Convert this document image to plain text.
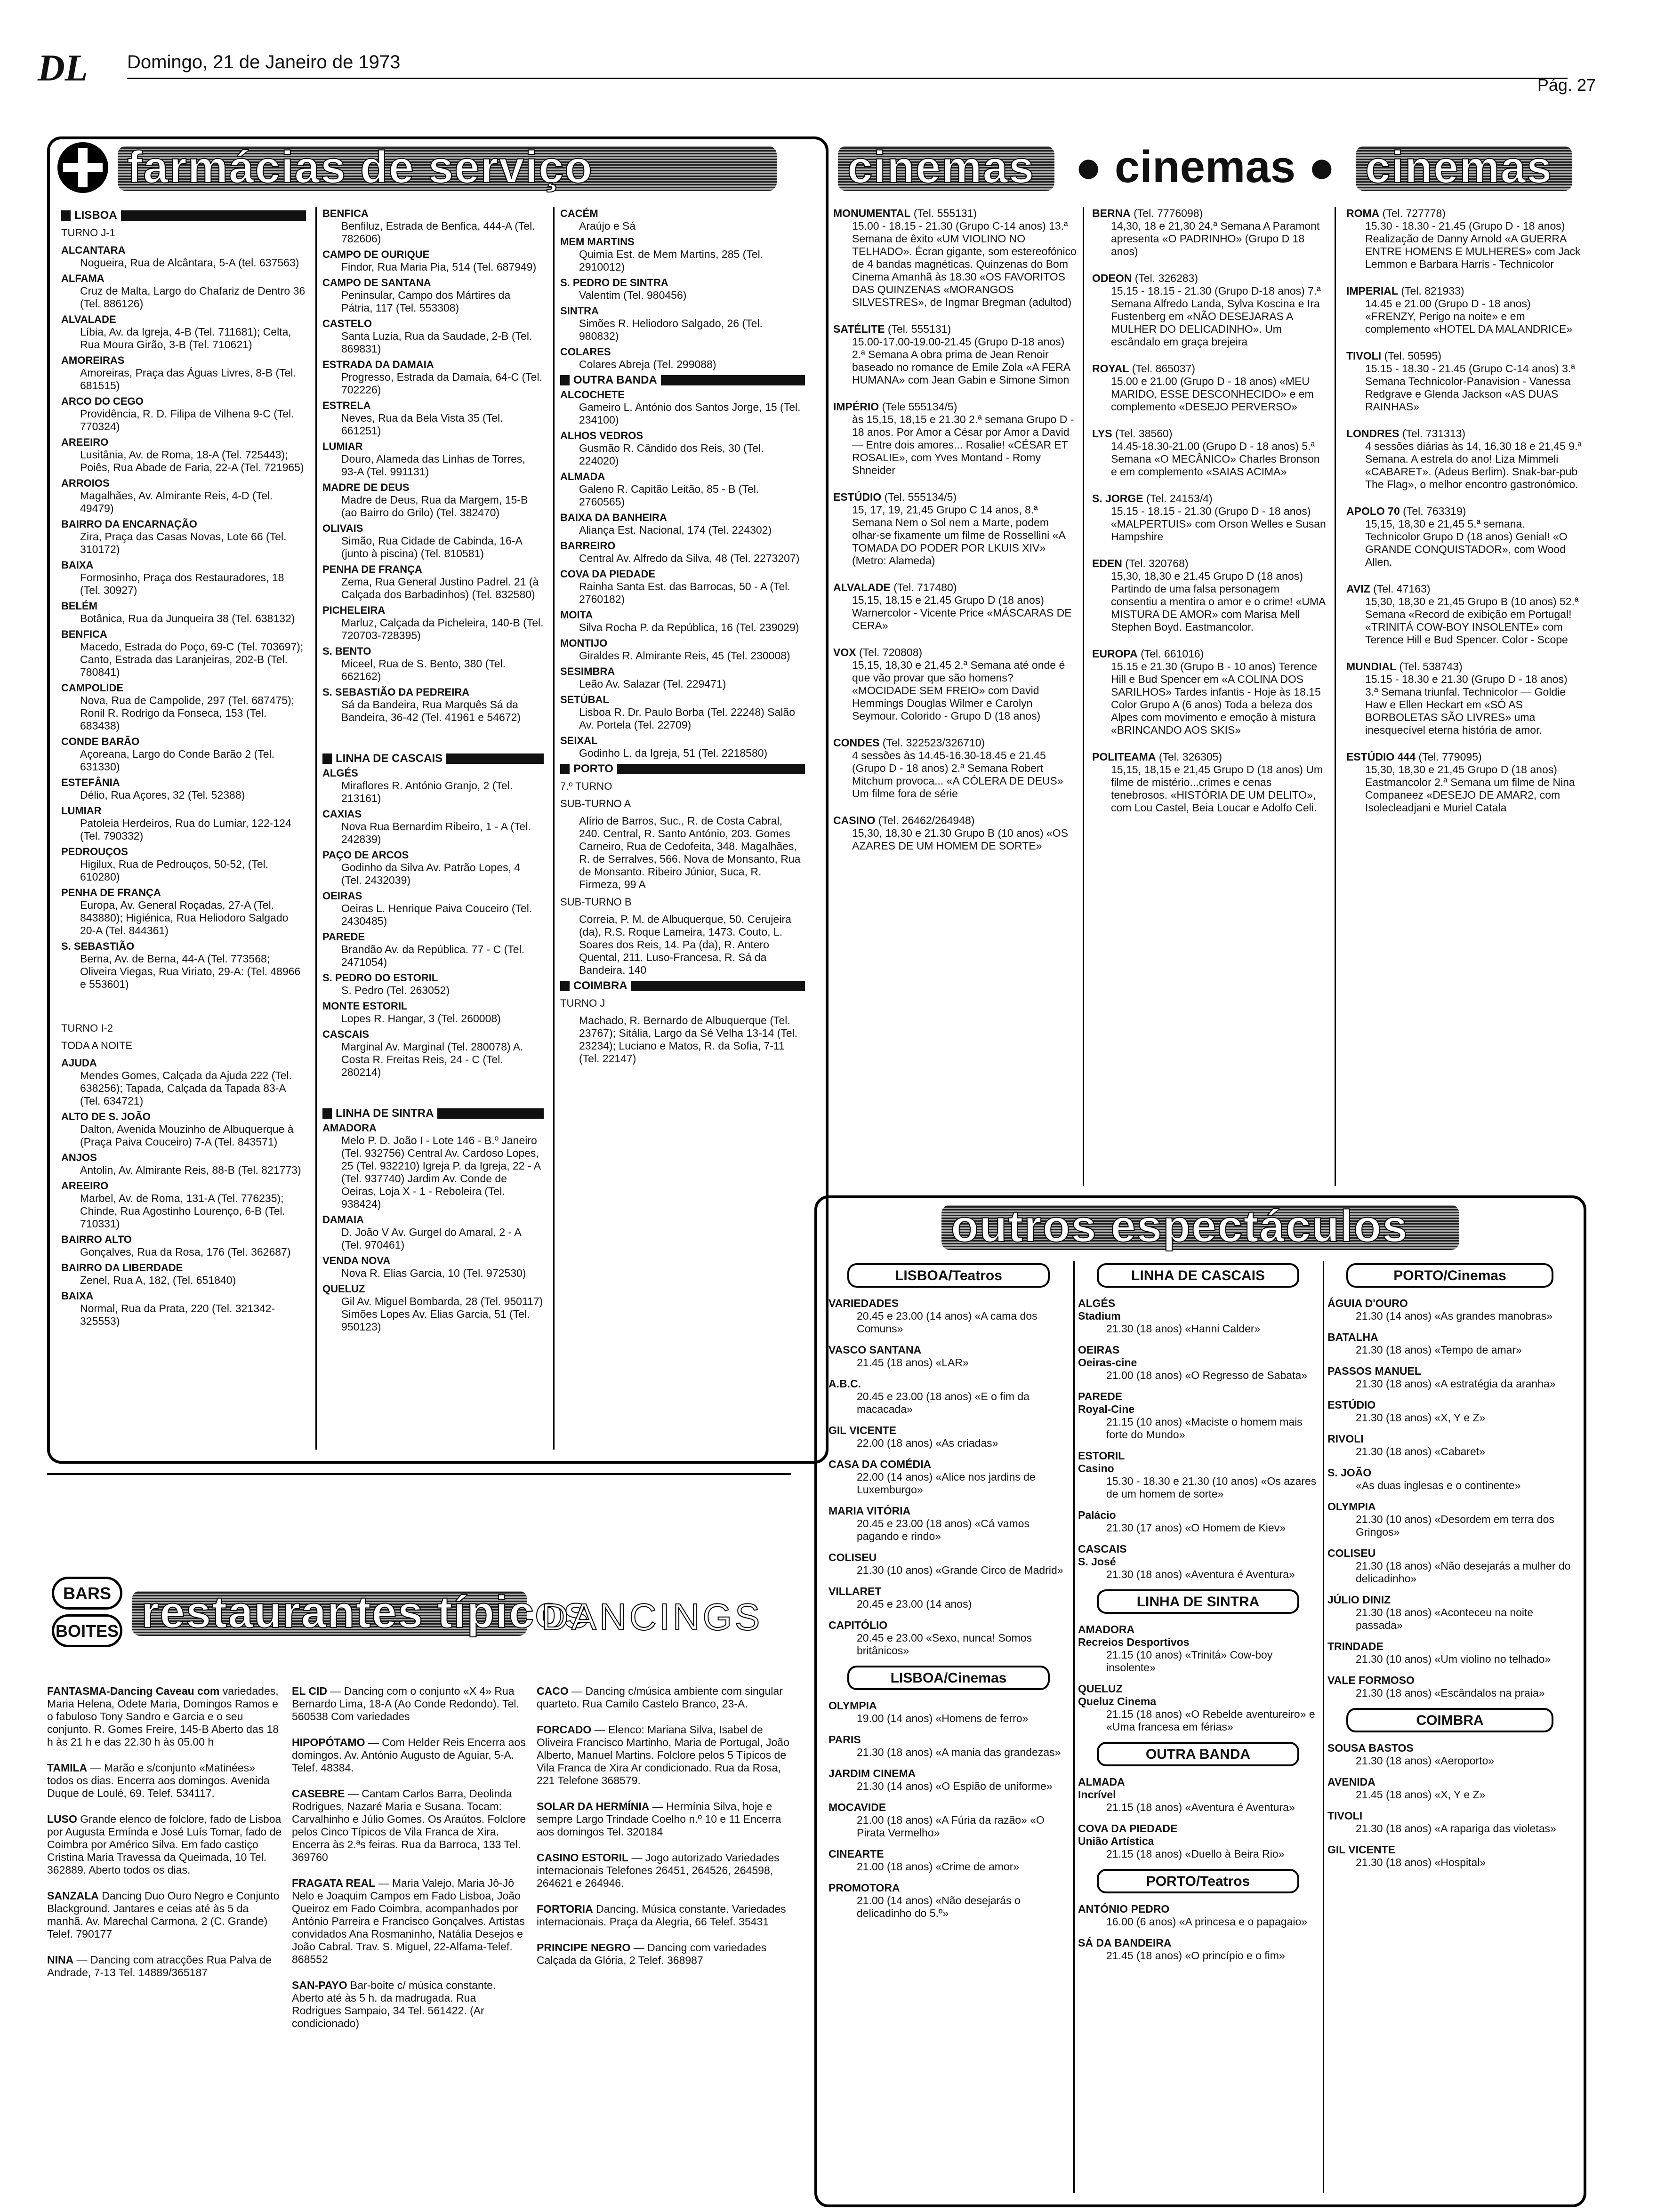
DL Domingo, 21 de Janeiro de 1973
Pág. 27
farmácias de serviço
LISBOA
TURNO J-1
ALCANTARA
Nogueira, Rua de Alcântara, 5-A (tel. 637563)
ALFAMA
Cruz de Malta, Largo do Chafariz de Dentro 36 (Tel. 886126)
ALVALADE
Líbia, Av. da Igreja, 4-B (Tel. 711681); Celta, Rua Moura Girão, 3-B (Tel. 710621)
AMOREIRAS
Amoreiras, Praça das Águas Livres, 8-B (Tel. 681515)
ARCO DO CEGO
Providência, R. D. Filipa de Vilhena 9-C (Tel. 770324)
AREEIRO
Lusitânia, Av. de Roma, 18-A (Tel. 725443); Poiês, Rua Abade de Faria, 22-A (Tel. 721965)
ARROIOS
Magalhães, Av. Almirante Reis, 4-D (Tel. 49479)
BAIRRO DA ENCARNAÇÃO
Zira, Praça das Casas Novas, Lote 66 (Tel. 310172)
BAIXA
Formosinho, Praça dos Restauradores, 18 (Tel. 30927)
BELÉM
Botânica, Rua da Junqueira 38 (Tel. 638132)
BENFICA
Macedo, Estrada do Poço, 69-C (Tel. 703697); Canto, Estrada das Laranjeiras, 202-B (Tel. 780841)
CAMPOLIDE
Nova, Rua de Campolide, 297 (Tel. 687475); Ronil R. Rodrigo da Fonseca, 153 (Tel. 683438)
CONDE BARÃO
Açoreana, Largo do Conde Barão 2 (Tel. 631330)
ESTEFÂNIA
Délio, Rua Açores, 32 (Tel. 52388)
LUMIAR
Patoleia Herdeiros, Rua do Lumiar, 122-124 (Tel. 790332)
PEDROUÇOS
Higilux, Rua de Pedrouços, 50-52, (Tel. 610280)
PENHA DE FRANÇA
Europa, Av. General Roçadas, 27-A (Tel. 843880); Higiénica, Rua Heliodoro Salgado 20-A (Tel. 844361)
S. SEBASTIÃO
Berna, Av. de Berna, 44-A (Tel. 773568; Oliveira Viegas, Rua Viriato, 29-A: (Tel. 48966 e 553601)
TURNO I-2
TODA A NOITE
AJUDA
Mendes Gomes, Calçada da Ajuda 222 (Tel. 638256); Tapada, Calçada da Tapada 83-A (Tel. 634721)
ALTO DE S. JOÃO
Dalton, Avenida Mouzinho de Albuquerque à (Praça Paiva Couceiro) 7-A (Tel. 843571)
ANJOS
Antolin, Av. Almirante Reis, 88-B (Tel. 821773)
AREEIRO
Marbel, Av. de Roma, 131-A (Tel. 776235); Chinde, Rua Agostinho Lourenço, 6-B (Tel. 710331)
BAIRRO ALTO
Gonçalves, Rua da Rosa, 176 (Tel. 362687)
BAIRRO DA LIBERDADE
Zenel, Rua A, 182, (Tel. 651840)
BAIXA
Normal, Rua da Prata, 220 (Tel. 321342-325553)
BENFICA
Benfiluz, Estrada de Benfica, 444-A (Tel. 782606)
CAMPO DE OURIQUE
Findor, Rua Maria Pia, 514 (Tel. 687949)
CAMPO DE SANTANA
Peninsular, Campo dos Mártires da Pátria, 117 (Tel. 553308)
CASTELO
Santa Luzia, Rua da Saudade, 2-B (Tel. 869831)
ESTRADA DA DAMAIA
Progresso, Estrada da Damaia, 64-C (Tel. 702226)
ESTRELA
Neves, Rua da Bela Vista 35 (Tel. 661251)
LUMIAR
Douro, Alameda das Linhas de Torres, 93-A (Tel. 991131)
MADRE DE DEUS
Madre de Deus, Rua da Margem, 15-B (ao Bairro do Grilo) (Tel. 382470)
OLIVAIS
Simão, Rua Cidade de Cabinda, 16-A (junto à piscina) (Tel. 810581)
PENHA DE FRANÇA
Zema, Rua General Justino Padrel. 21 (à Calçada dos Barbadinhos) (Tel. 832580)
PICHELEIRA
Marluz, Calçada da Picheleira, 140-B (Tel. 720703-728395)
S. BENTO
Miceel, Rua de S. Bento, 380 (Tel. 662162)
S. SEBASTIÃO DA PEDREIRA
Sá da Bandeira, Rua Marquês Sá da Bandeira, 36-42 (Tel. 41961 e 54672)
LINHA DE CASCAIS
ALGÉS
Miraflores R. António Granjo, 2 (Tel. 213161)
CAXIAS
Nova Rua Bernardim Ribeiro, 1 - A (Tel. 242839)
PAÇO DE ARCOS
Godinho da Silva Av. Patrão Lopes, 4 (Tel. 2432039)
OEIRAS
Oeiras L. Henrique Paiva Couceiro (Tel. 2430485)
PAREDE
Brandão Av. da República. 77 - C (Tel. 2471054)
S. PEDRO DO ESTORIL
S. Pedro (Tel. 263052)
MONTE ESTORIL
Lopes R. Hangar, 3 (Tel. 260008)
CASCAIS
Marginal Av. Marginal (Tel. 280078) A. Costa R. Freitas Reis, 24 - C (Tel. 280214)
LINHA DE SINTRA
AMADORA
Melo P. D. João I - Lote 146 - B.º Janeiro (Tel. 932756) Central Av. Cardoso Lopes, 25 (Tel. 932210) Igreja P. da Igreja, 22 - A (Tel. 937740) Jardim Av. Conde de Oeiras, Loja X - 1 - Reboleira (Tel. 938424)
DAMAIA
D. João V Av. Gurgel do Amaral, 2 - A (Tel. 970461)
VENDA NOVA
Nova R. Elias Garcia, 10 (Tel. 972530)
QUELUZ
Gil Av. Miguel Bombarda, 28 (Tel. 950117) Simões Lopes Av. Elias Garcia, 51 (Tel. 950123)
CACÉM
Araújo e Sá
MEM MARTINS
Quimia Est. de Mem Martins, 285 (Tel. 2910012)
S. PEDRO DE SINTRA
Valentim (Tel. 980456)
SINTRA
Simões R. Heliodoro Salgado, 26 (Tel. 980832)
COLARES
Colares Abreja (Tel. 299088)
OUTRA BANDA
ALCOCHETE
Gameiro L. António dos Santos Jorge, 15 (Tel. 234100)
ALHOS VEDROS
Gusmão R. Cândido dos Reis, 30 (Tel. 224020)
ALMADA
Galeno R. Capitão Leitão, 85 - B (Tel. 2760565)
BAIXA DA BANHEIRA
Aliança Est. Nacional, 174 (Tel. 224302)
BARREIRO
Central Av. Alfredo da Silva, 48 (Tel. 2273207)
COVA DA PIEDADE
Rainha Santa Est. das Barrocas, 50 - A (Tel. 2760182)
MOITA
Silva Rocha P. da República, 16 (Tel. 239029)
MONTIJO
Giraldes R. Almirante Reis, 45 (Tel. 230008)
SESIMBRA
Leão Av. Salazar (Tel. 229471)
SETÚBAL
Lisboa R. Dr. Paulo Borba (Tel. 22248) Salão Av. Portela (Tel. 22709)
SEIXAL
Godinho L. da Igreja, 51 (Tel. 2218580)
PORTO
7.º TURNO
SUB-TURNO A
Alírio de Barros, Suc., R. de Costa Cabral, 240. Central, R. Santo António, 203. Gomes Carneiro, Rua de Cedofeita, 348. Magalhães, R. de Serralves, 566. Nova de Monsanto, Rua de Monsanto. Ribeiro Júnior, Suca, R. Firmeza, 99 A
SUB-TURNO B
Correia, P. M. de Albuquerque, 50. Cerujeira (da), R.S. Roque Lameira, 1473. Couto, L. Soares dos Reis, 14. Pa (da), R. Antero Quental, 211. Luso-Francesa, R. Sá da Bandeira, 140
COIMBRA
TURNO J
Machado, R. Bernardo de Albuquerque (Tel. 23767); Sitália, Largo da Sé Velha 13-14 (Tel. 23234); Luciano e Matos, R. da Sofia, 7-11 (Tel. 22147)
cinemas ● cinemas ● cinemas
MONUMENTAL (Tel. 555131)
15.00 - 18.15 - 21.30 (Grupo C-14 anos) 13.ª Semana de êxito «UM VIOLINO NO TELHADO». Écran gigante, som estereofónico de 4 bandas magnéticas. Quinzenas do Bom Cinema Amanhã às 18.30 «OS FAVORITOS DAS QUINZENAS «MORANGOS SILVESTRES», de Ingmar Bregman (adultod)
SATÉLITE (Tel. 555131)
15.00-17.00-19.00-21.45 (Grupo D-18 anos) 2.ª Semana A obra prima de Jean Renoir baseado no romance de Emile Zola «A FERA HUMANA» com Jean Gabin e Simone Simon
IMPÉRIO (Tele 555134/5)
às 15,15, 18,15 e 21.30 2.ª semana Grupo D - 18 anos. Por Amor a César por Amor a David — Entre dois amores... Rosalie! «CÉSAR ET ROSALIE», com Yves Montand - Romy Shneider
ESTÚDIO (Tel. 555134/5)
15, 17, 19, 21,45 Grupo C 14 anos, 8.ª Semana Nem o Sol nem a Marte, podem olhar-se fixamente um filme de Rossellini «A TOMADA DO PODER POR LKUIS XIV» (Metro: Alameda)
ALVALADE (Tel. 717480)
15,15, 18,15 e 21,45 Grupo D (18 anos) Warnercolor - Vicente Price «MÁSCARAS DE CERA»
VOX (Tel. 720808)
15,15, 18,30 e 21,45 2.ª Semana até onde é que vão provar que são homens? «MOCIDADE SEM FREIO» com David Hemmings Douglas Wilmer e Carolyn Seymour. Colorido - Grupo D (18 anos)
CONDES (Tel. 322523/326710)
4 sessões às 14.45-16.30-18.45 e 21.45 (Grupo D - 18 anos) 2.ª Semana Robert Mitchum provoca... «A CÓLERA DE DEUS» Um filme fora de série
CASINO (Tel. 26462/264948)
15,30, 18,30 e 21.30 Grupo B (10 anos) «OS AZARES DE UM HOMEM DE SORTE»
BERNA (Tel. 7776098)
14,30, 18 e 21,30 24.ª Semana A Paramont apresenta «O PADRINHO» (Grupo D 18 anos)
ODEON (Tel. 326283)
15.15 - 18.15 - 21.30 (Grupo D-18 anos) 7.ª Semana Alfredo Landa, Sylva Koscina e Ira Fustenberg em «NÃO DESEJARAS A MULHER DO DELICADINHO». Um escândalo em graça brejeira
ROYAL (Tel. 865037)
15.00 e 21.00 (Grupo D - 18 anos) «MEU MARIDO, ESSE DESCONHECIDO» e em complemento «DESEJO PERVERSO»
LYS (Tel. 38560)
14.45-18.30-21.00 (Grupo D - 18 anos) 5.ª Semana «O MECÂNICO» Charles Bronson e em complemento «SAIAS ACIMA»
S. JORGE (Tel. 24153/4)
15.15 - 18.15 - 21.30 (Grupo D - 18 anos) «MALPERTUIS» com Orson Welles e Susan Hampshire
EDEN (Tel. 320768)
15,30, 18,30 e 21.45 Grupo D (18 anos) Partindo de uma falsa personagem consentiu a mentira o amor e o crime! «UMA MISTURA DE AMOR» com Marisa Mell Stephen Boyd. Eastmancolor.
EUROPA (Tel. 661016)
15.15 e 21.30 (Grupo B - 10 anos) Terence Hill e Bud Spencer em «A COLINA DOS SARILHOS» Tardes infantis - Hoje às 18.15 Color Grupo A (6 anos) Toda a beleza dos Alpes com movimento e emoção à mistura «BRINCANDO AOS SKIS»
POLITEAMA (Tel. 326305)
15,15, 18,15 e 21,45 Grupo D (18 anos) Um filme de mistério...crimes e cenas tenebrosos. «HISTÓRIA DE UM DELITO», com Lou Castel, Beia Loucar e Adolfo Celi.
ROMA (Tel. 727778)
15.30 - 18.30 - 21.45 (Grupo D - 18 anos) Realização de Danny Arnold «A GUERRA ENTRE HOMENS E MULHERES» com Jack Lemmon e Barbara Harris - Technicolor
IMPERIAL (Tel. 821933)
14.45 e 21.00 (Grupo D - 18 anos) «FRENZY, Perigo na noite» e em complemento «HOTEL DA MALANDRICE»
TIVOLI (Tel. 50595)
15.15 - 18.30 - 21.45 (Grupo C-14 anos) 3.ª Semana Technicolor-Panavision - Vanessa Redgrave e Glenda Jackson «AS DUAS RAINHAS»
LONDRES (Tel. 731313)
4 sessões diárias às 14, 16,30 18 e 21,45 9.ª Semana. A estrela do ano! Liza Mimmeli «CABARET». (Adeus Berlim). Snak-bar-pub The Flag», o melhor encontro gastronómico.
APOLO 70 (Tel. 763319)
15,15, 18,30 e 21,45 5.ª semana. Technicolor Grupo D (18 anos) Genial! «O GRANDE CONQUISTADOR», com Wood Allen.
AVIZ (Tel. 47163)
15,30, 18,30 e 21,45 Grupo B (10 anos) 52.ª Semana «Record de exibição em Portugal! «TRINITÁ COW-BOY INSOLENTE» com Terence Hill e Bud Spencer. Color - Scope
MUNDIAL (Tel. 538743)
15.15 - 18.30 e 21.30 (Grupo D - 18 anos) 3.ª Semana triunfal. Technicolor — Goldie Haw e Ellen Heckart em «SÓ AS BORBOLETAS SÃO LIVRES» uma inesquecível eterna história de amor.
ESTÚDIO 444 (Tel. 779095)
15,30, 18,30 e 21,45 Grupo D (18 anos) Eastmancolor 2.ª Semana um filme de Nina Companeez «DESEJO DE AMAR2, com Isolecleadjani e Muriel Catala
outros espectáculos
LISBOA/Teatros
VARIEDADES
20.45 e 23.00 (14 anos) «A cama dos Comuns»
VASCO SANTANA
21.45 (18 anos) «LAR»
A.B.C.
20.45 e 23.00 (18 anos) «E o fim da macacada»
GIL VICENTE
22.00 (18 anos) «As criadas»
CASA DA COMÉDIA
22.00 (14 anos) «Alice nos jardins de Luxemburgo»
MARIA VITÓRIA
20.45 e 23.00 (18 anos) «Cá vamos pagando e rindo»
COLISEU
21.30 (10 anos) «Grande Circo de Madrid»
VILLARET
20.45 e 23.00 (14 anos)
CAPITÓLIO
20.45 e 23.00 «Sexo, nunca! Somos britânicos»
LISBOA/Cinemas
OLYMPIA
19.00 (14 anos) «Homens de ferro»
PARIS
21.30 (18 anos) «A mania das grandezas»
JARDIM CINEMA
21.30 (14 anos) «O Espião de uniforme»
MOCAVIDE
21.00 (18 anos) «A Fúria da razão» «O Pirata Vermelho»
CINEARTE
21.00 (18 anos) «Crime de amor»
PROMOTORA
21.00 (14 anos) «Não desejarás o delicadinho do 5.º»
LINHA DE CASCAIS
ALGÉS
Stadium
21.30 (18 anos) «Hanni Calder»
OEIRAS
Oeiras-cine
21.00 (18 anos) «O Regresso de Sabata»
PAREDE
Royal-Cine
21.15 (10 anos) «Maciste o homem mais forte do Mundo»
ESTORIL
Casino
15.30 - 18.30 e 21.30 (10 anos) «Os azares de um homem de sorte»
Palácio
21.30 (17 anos) «O Homem de Kiev»
CASCAIS
S. José
21.30 (18 anos) «Aventura é Aventura»
LINHA DE SINTRA
AMADORA
Recreios Desportivos
21.15 (10 anos) «Trinitá» Cow-boy insolente»
QUELUZ
Queluz Cinema
21.15 (18 anos) «O Rebelde aventureiro» e «Uma francesa em férias»
OUTRA BANDA
ALMADA
Incrível
21.15 (18 anos) «Aventura é Aventura»
COVA DA PIEDADE
União Artística
21.15 (18 anos) «Duello à Beira Rio»
PORTO/Teatros
ANTÓNIO PEDRO
16.00 (6 anos) «A princesa e o papagaio»
SÁ DA BANDEIRA
21.45 (18 anos) «O princípio e o fim»
PORTO/Cinemas
ÁGUIA D'OURO
21.30 (14 anos) «As grandes manobras»
BATALHA
21.30 (18 anos) «Tempo de amar»
PASSOS MANUEL
21.30 (18 anos) «A estratégia da aranha»
ESTÚDIO
21.30 (18 anos) «X, Y e Z»
RIVOLI
21.30 (18 anos) «Cabaret»
S. JOÃO
«As duas inglesas e o continente»
OLYMPIA
21.30 (10 anos) «Desordem em terra dos Gringos»
COLISEU
21.30 (18 anos) «Não desejarás a mulher do delicadinho»
JÚLIO DINIZ
21.30 (18 anos) «Aconteceu na noite passada»
TRINDADE
21.30 (10 anos) «Um violino no telhado»
VALE FORMOSO
21.30 (18 anos) «Escândalos na praia»
COIMBRA
SOUSA BASTOS
21.30 (18 anos) «Aeroporto»
AVENIDA
21.45 (18 anos) «X, Y e Z»
TIVOLI
21.30 (18 anos) «A rapariga das violetas»
GIL VICENTE
21.30 (18 anos) «Hospital»
BARS
BOITES restaurantes típicos
DANCINGS
FANTASMA-Dancing Caveau com variedades, Maria Helena, Odete Maria, Domingos Ramos e o fabuloso Tony Sandro e Garcia e o seu conjunto. R. Gomes Freire, 145-B Aberto das 18 h às 21 h e das 22.30 h às 05.00 h
TAMILA — Marão e s/conjunto «Matinées» todos os dias. Encerra aos domingos. Avenida Duque de Loulé, 69. Telef. 534117.
LUSO Grande elenco de folclore, fado de Lisboa por Augusta Ermínda e José Luís Tomar, fado de Coimbra por Américo Silva. Em fado castiço Cristina Maria Travessa da Queimada, 10 Tel. 362889. Aberto todos os dias.
SANZALA Dancing Duo Ouro Negro e Conjunto Blackground. Jantares e ceias até às 5 da manhã. Av. Marechal Carmona, 2 (C. Grande) Telef. 790177
NINA — Dancing com atracções Rua Palva de Andrade, 7-13 Tel. 14889/365187
EL CID — Dancing com o conjunto «X 4» Rua Bernardo Lima, 18-A (Ao Conde Redondo). Tel. 560538 Com variedades
HIPOPÓTAMO — Com Helder Reis Encerra aos domingos. Av. António Augusto de Aguiar, 5-A. Telef. 48384.
CASEBRE — Cantam Carlos Barra, Deolinda Rodrigues, Nazaré Maria e Susana. Tocam: Carvalhinho e Júlio Gomes. Os Araútos. Folclore pelos Cinco Típicos de Vila Franca de Xira. Encerra às 2.ªs feiras. Rua da Barroca, 133 Tel. 369760
FRAGATA REAL — Maria Valejo, Maria Jô-Jô Nelo e Joaquim Campos em Fado Lisboa, João Queiroz em Fado Coimbra, acompanhados por António Parreira e Francisco Gonçalves. Artistas convidados Ana Rosmaninho, Natália Desejos e João Cabral. Trav. S. Miguel, 22-Alfama-Telef. 868552
SAN-PAYO Bar-boite c/ música constante. Aberto até às 5 h. da madrugada. Rua Rodrigues Sampaio, 34 Tel. 561422. (Ar condicionado)
CACO — Dancing c/música ambiente com singular quarteto. Rua Camilo Castelo Branco, 23-A.
FORCADO — Elenco: Mariana Silva, Isabel de Oliveira Francisco Martinho, Maria de Portugal, João Alberto, Manuel Martins. Folclore pelos 5 Típicos de Vila Franca de Xira Ar condicionado. Rua da Rosa, 221 Telefone 368579.
SOLAR DA HERMÍNIA — Hermínia Silva, hoje e sempre Largo Trindade Coelho n.º 10 e 11 Encerra aos domingos Tel. 320184
CASINO ESTORIL — Jogo autorizado Variedades internacionais Telefones 26451, 264526, 264598, 264621 e 264946.
FORTORIA Dancing. Música constante. Variedades internacionais. Praça da Alegria, 66 Telef. 35431
PRINCIPE NEGRO — Dancing com variedades Calçada da Glória, 2 Telef. 368987
